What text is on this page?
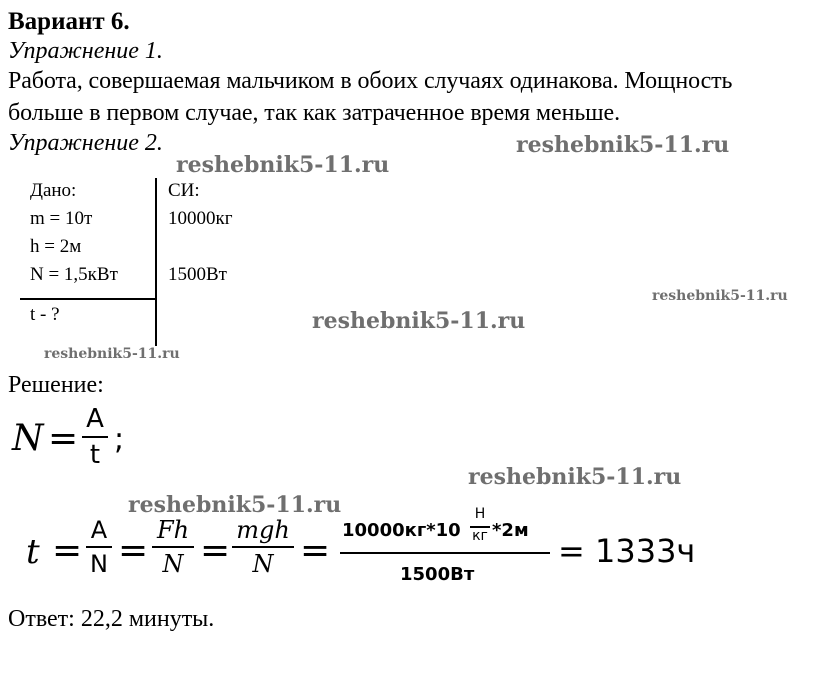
Вариант 6.
Упражнение 1.
Работа, совершаемая мальчиком в обоих случаях одинакова. Мощность
больше в первом случае, так как затраченное время меньше.
Упражнение 2.	reshebnik5-11.ru
reshebnik5-11.ru
reshebnik5-11.ru
reshebnik5-11.ru
reshebnik5-11.ru
reshebnik5-11.ru
reshebnik5-11.ru
Дано:
m = 10т
h = 2м
N = 1,5кВт
t - ?
СИ:
10000кг
1500Вт
Решение:
N = A
t ;
t = A
N = Fh
N = mgh
N = 10000кг*10
Н
кг *2м
1500Вт
= 1333ч
Ответ: 22,2 минуты.
